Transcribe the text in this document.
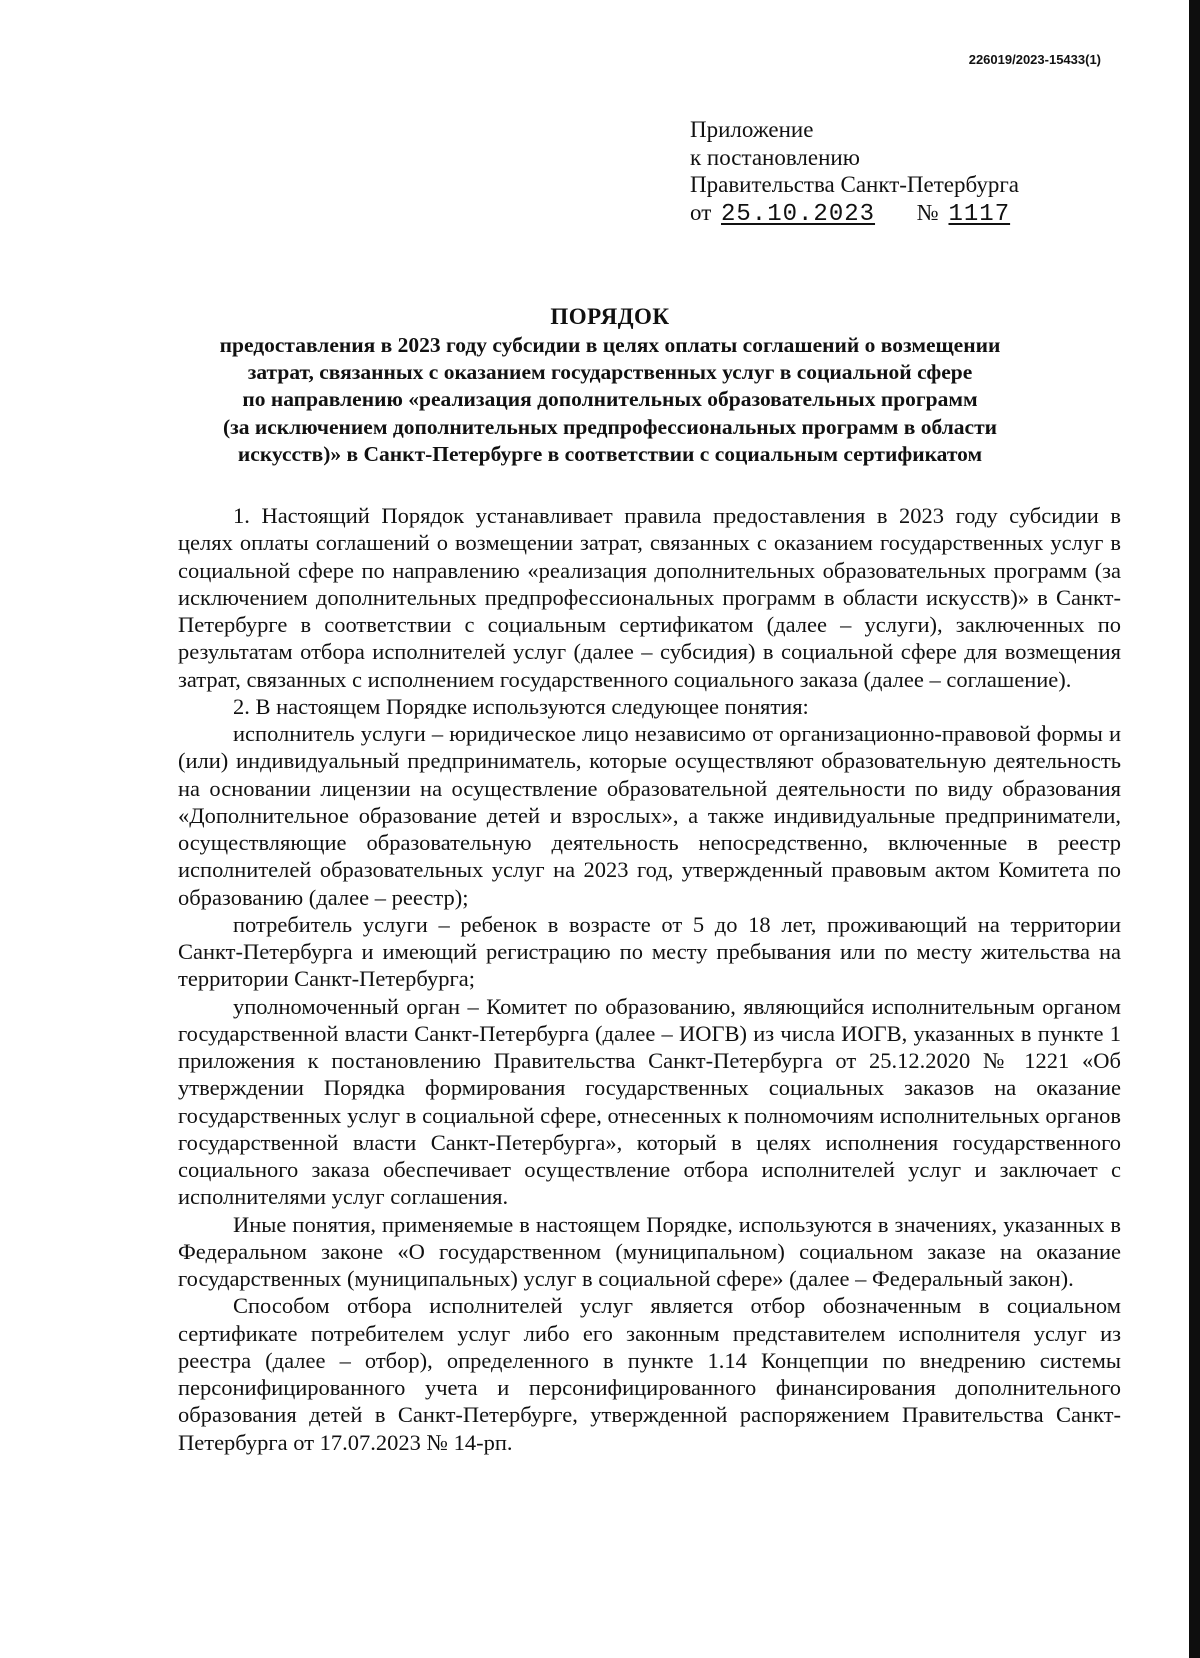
226019/2023-15433(1)
Приложение
к постановлению
Правительства Санкт-Петербурга
от 25.10.2023 № 1117
ПОРЯДОК
предоставления в 2023 году субсидии в целях оплаты соглашений о возмещении
затрат, связанных с оказанием государственных услуг в социальной сфере
по направлению «реализация дополнительных образовательных программ
(за исключением дополнительных предпрофессиональных программ в области
искусств)» в Санкт-Петербурге в соответствии с социальным сертификатом

1. Настоящий Порядок устанавливает правила предоставления в 2023 году субсидии в целях оплаты соглашений о возмещении затрат, связанных с оказанием государственных услуг в социальной сфере по направлению «реализация дополнительных образовательных программ (за исключением дополнительных предпрофессиональных программ в области искусств)» в Санкт-Петербурге в соответствии с социальным сертификатом (далее – услуги), заключенных по результатам отбора исполнителей услуг (далее – субсидия) в социальной сфере для возмещения затрат, связанных с исполнением государственного социального заказа (далее – соглашение).

2. В настоящем Порядке используются следующее понятия:

исполнитель услуги – юридическое лицо независимо от организационно-правовой формы и (или) индивидуальный предприниматель, которые осуществляют образовательную деятельность на основании лицензии на осуществление образовательной деятельности по виду образования «Дополнительное образование детей и взрослых», а также индивидуальные предприниматели, осуществляющие образовательную деятельность непосредственно, включенные в реестр исполнителей образовательных услуг на 2023 год, утвержденный правовым актом Комитета по образованию (далее – реестр);

потребитель услуги – ребенок в возрасте от 5 до 18 лет, проживающий на территории Санкт-Петербурга и имеющий регистрацию по месту пребывания или по месту жительства на территории Санкт-Петербурга;

уполномоченный орган – Комитет по образованию, являющийся исполнительным органом государственной власти Санкт-Петербурга (далее – ИОГВ) из числа ИОГВ, указанных в пункте 1 приложения к постановлению Правительства Санкт-Петербурга от 25.12.2020 № 1221 «Об утверждении Порядка формирования государственных социальных заказов на оказание государственных услуг в социальной сфере, отнесенных к полномочиям исполнительных органов государственной власти Санкт-Петербурга», который в целях исполнения государственного социального заказа обеспечивает осуществление отбора исполнителей услуг и заключает с исполнителями услуг соглашения.

Иные понятия, применяемые в настоящем Порядке, используются в значениях, указанных в Федеральном законе «О государственном (муниципальном) социальном заказе на оказание государственных (муниципальных) услуг в социальной сфере» (далее – Федеральный закон).

Способом отбора исполнителей услуг является отбор обозначенным в социальном сертификате потребителем услуг либо его законным представителем исполнителя услуг из реестра (далее – отбор), определенного в пункте 1.14 Концепции по внедрению системы персонифицированного учета и персонифицированного финансирования дополнительного образования детей в Санкт-Петербурге, утвержденной распоряжением Правительства Санкт-Петербурга от 17.07.2023 № 14-рп.
